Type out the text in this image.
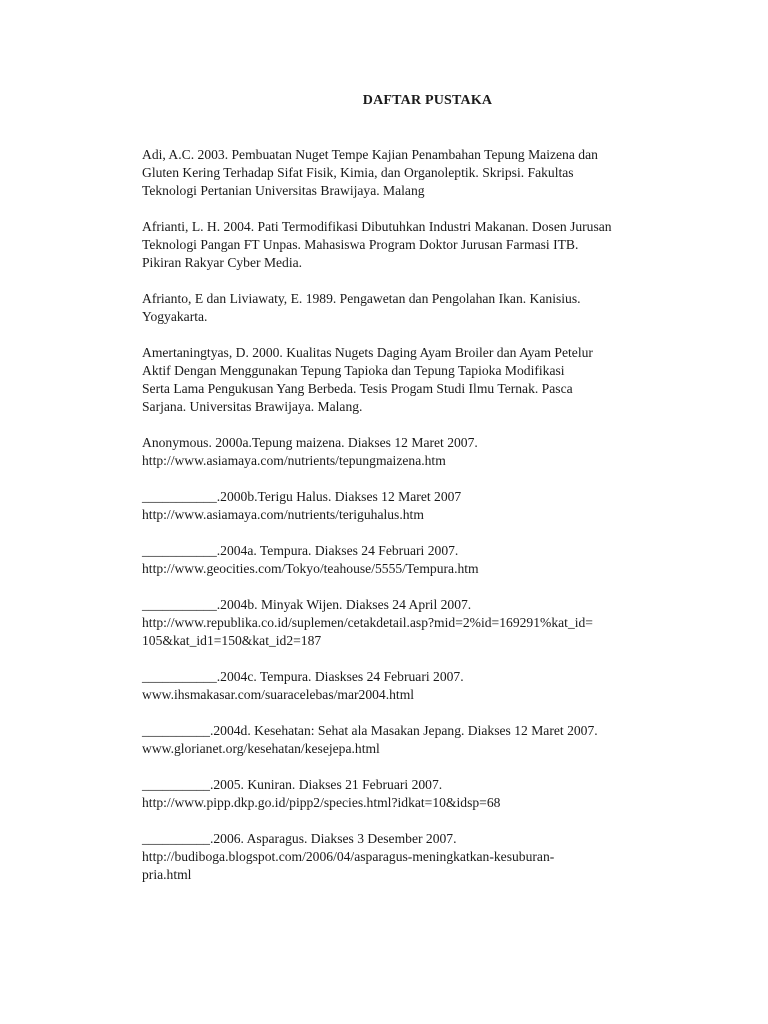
DAFTAR PUSTAKA
Adi, A.C. 2003. Pembuatan Nuget Tempe Kajian Penambahan Tepung Maizena dan
Gluten Kering Terhadap Sifat Fisik, Kimia, dan Organoleptik. Skripsi. Fakultas
Teknologi Pertanian Universitas Brawijaya. Malang
Afrianti, L. H. 2004. Pati Termodifikasi Dibutuhkan Industri Makanan. Dosen Jurusan
Teknologi Pangan FT Unpas. Mahasiswa Program Doktor Jurusan Farmasi ITB.
Pikiran Rakyar Cyber Media.
Afrianto, E dan Liviawaty, E. 1989. Pengawetan dan Pengolahan Ikan. Kanisius.
Yogyakarta.
Amertaningtyas, D. 2000. Kualitas Nugets Daging Ayam Broiler dan Ayam Petelur
Aktif Dengan Menggunakan Tepung Tapioka dan Tepung Tapioka Modifikasi
Serta Lama Pengukusan Yang Berbeda. Tesis Progam Studi Ilmu Ternak. Pasca
Sarjana. Universitas Brawijaya. Malang.
Anonymous. 2000a.Tepung maizena. Diakses 12 Maret 2007.
http://www.asiamaya.com/nutrients/tepungmaizena.htm
___________.2000b.Terigu Halus. Diakses 12 Maret 2007
http://www.asiamaya.com/nutrients/teriguhalus.htm
___________.2004a. Tempura. Diakses 24 Februari 2007.
http://www.geocities.com/Tokyo/teahouse/5555/Tempura.htm
___________.2004b. Minyak Wijen. Diakses 24 April 2007.
http://www.republika.co.id/suplemen/cetakdetail.asp?mid=2%id=169291%kat_id=
105&kat_id1=150&kat_id2=187
___________.2004c. Tempura. Diaskses 24 Februari 2007.
www.ihsmakasar.com/suaracelebas/mar2004.html
__________.2004d. Kesehatan: Sehat ala Masakan Jepang. Diakses 12 Maret 2007.
www.glorianet.org/kesehatan/kesejepa.html
__________.2005. Kuniran. Diakses 21 Februari 2007.
http://www.pipp.dkp.go.id/pipp2/species.html?idkat=10&idsp=68
__________.2006. Asparagus. Diakses 3 Desember 2007.
http://budiboga.blogspot.com/2006/04/asparagus-meningkatkan-kesuburan-
pria.html
